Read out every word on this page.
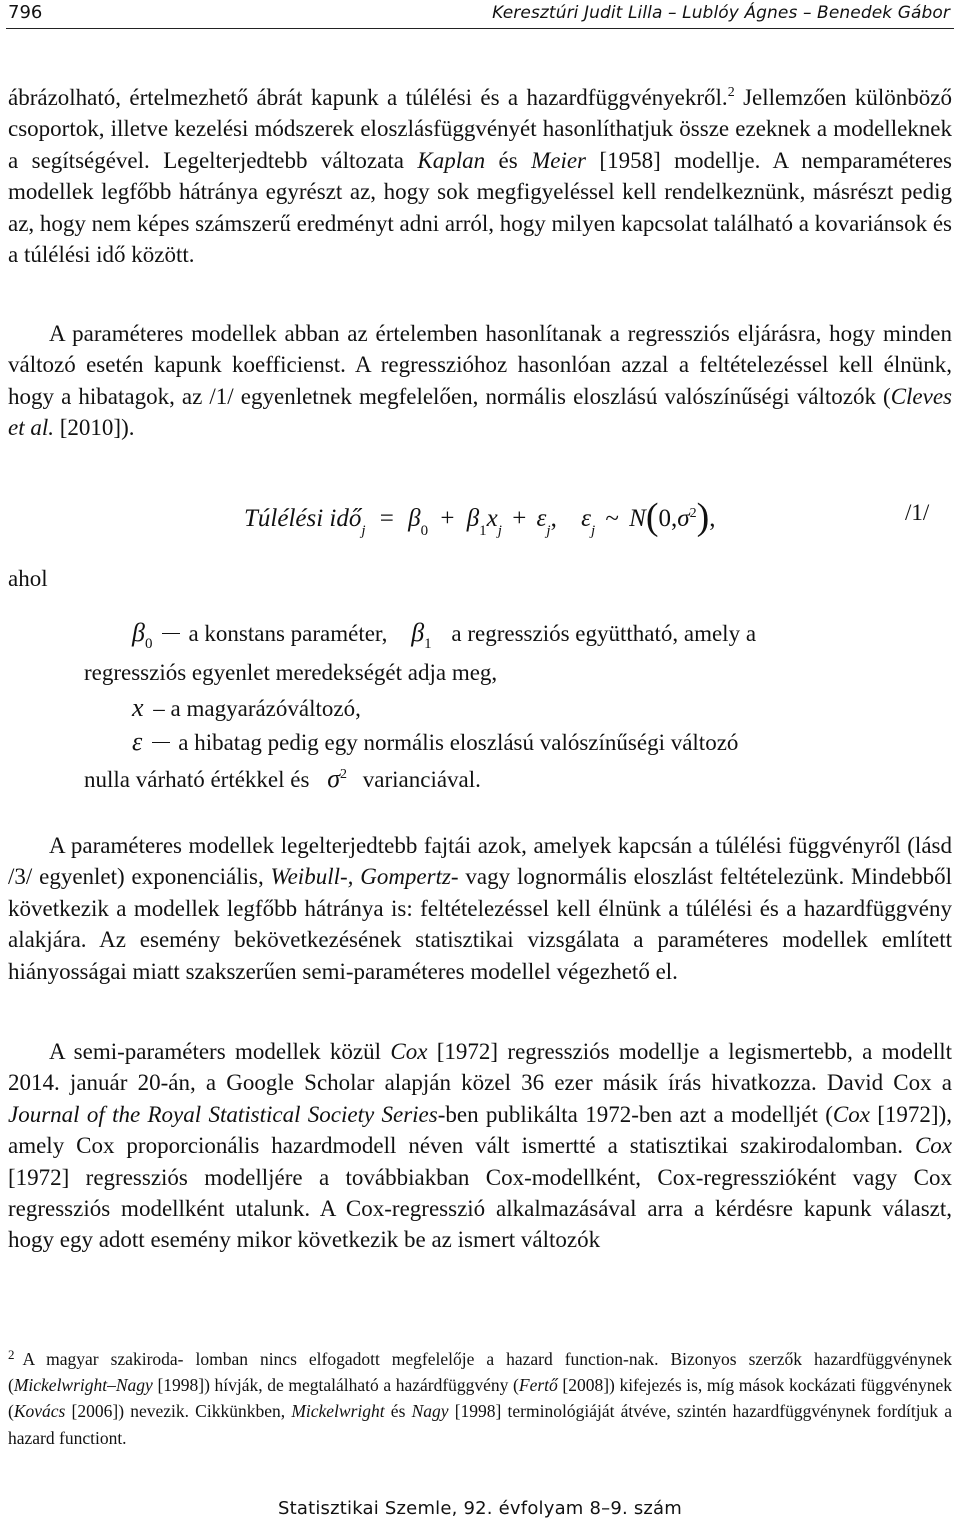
796	Keresztúri Judit Lilla – Lublóy Ágnes – Benedek Gábor

ábrázolható, értelmezhető ábrát kapunk a túlélési és a hazardfüggvényekről.$^2$ Jellemzően különböző csoportok, illetve kezelési módszerek eloszlásfüggvényét hasonlíthatjuk össze ezeknek a modelleknek a segítségével. Legelterjedtebb változata Kaplan és Meier [1958] modellje. A nemparaméteres modellek legfőbb hátránya egyrészt az, hogy sok megfigyeléssel kell rendelkeznünk, másrészt pedig az, hogy nem képes számszerű eredményt adni arról, hogy milyen kapcsolat található a kovariánsok és a túlélési idő között.

A paraméteres modellek abban az értelemben hasonlítanak a regressziós eljárásra, hogy minden változó esetén kapunk koefficienst. A regresszióhoz hasonlóan azzal a feltételezéssel kell élnünk, hogy a hibatagok, az /1/ egyenletnek megfelelően, normális eloszlású valószínűségi változók (Cleves et al. [2010]).

Túlélési idő$_j$ = $\beta_0 + \beta_1x_j + \varepsilon_j$, $\varepsilon_j$ ~ $N(0,\sigma^2)$,	/1/
ahol
$\beta_0$ a konstans paraméter, $\beta_1$ a regressziós együttható, amely a
regressziós egyenlet meredekségét adja meg,
x – a magyarázóváltozó,
ε a hibatag pedig egy normális eloszlású valószínűségi változó
nulla várható értékkel és $\sigma^2$ varianciával.

A paraméteres modellek legelterjedtebb fajtái azok, amelyek kapcsán a túlélési függvényről (lásd /3/ egyenlet) exponenciális, Weibull-, Gompertz- vagy lognormális eloszlást feltételezünk. Mindebből következik a modellek legfőbb hátránya is: feltételezéssel kell élnünk a túlélési és a hazardfüggvény alakjára. Az esemény bekövetkezésének statisztikai vizsgálata a paraméteres modellek említett hiányosságai miatt szakszerűen semi-paraméteres modellel végezhető el.

A semi-paraméters modellek közül Cox [1972] regressziós modellje a legismertebb, a modellt 2014. január 20-án, a Google Scholar alapján közel 36 ezer másik írás hivatkozza. David Cox a Journal of the Royal Statistical Society Series-ben publikálta 1972-ben azt a modelljét (Cox [1972]), amely Cox proporcionális hazardmodell néven vált ismertté a statisztikai szakirodalomban. Cox [1972] regressziós modelljére a továbbiakban Cox-modellként, Cox-regresszióként vagy Cox regressziós modellként utalunk. A Cox-regresszió alkalmazásával arra a kérdésre kapunk választ, hogy egy adott esemény mikor következik be az ismert változók

$^2$ A magyar szakiroda- lomban nincs elfogadott megfelelője a hazard function-nak. Bizonyos szerzők hazardfüggvénynek (Mickelwright–Nagy [1998]) hívják, de megtalálható a hazárdfüggvény (Fertő [2008]) kifejezés is, míg mások kockázati függvénynek (Kovács [2006]) nevezik. Cikkünkben, Mickelwright és Nagy [1998] terminológiáját átvéve, szintén hazardfüggvénynek fordítjuk a hazard functiont.

Statisztikai Szemle, 92. évfolyam 8–9. szám
